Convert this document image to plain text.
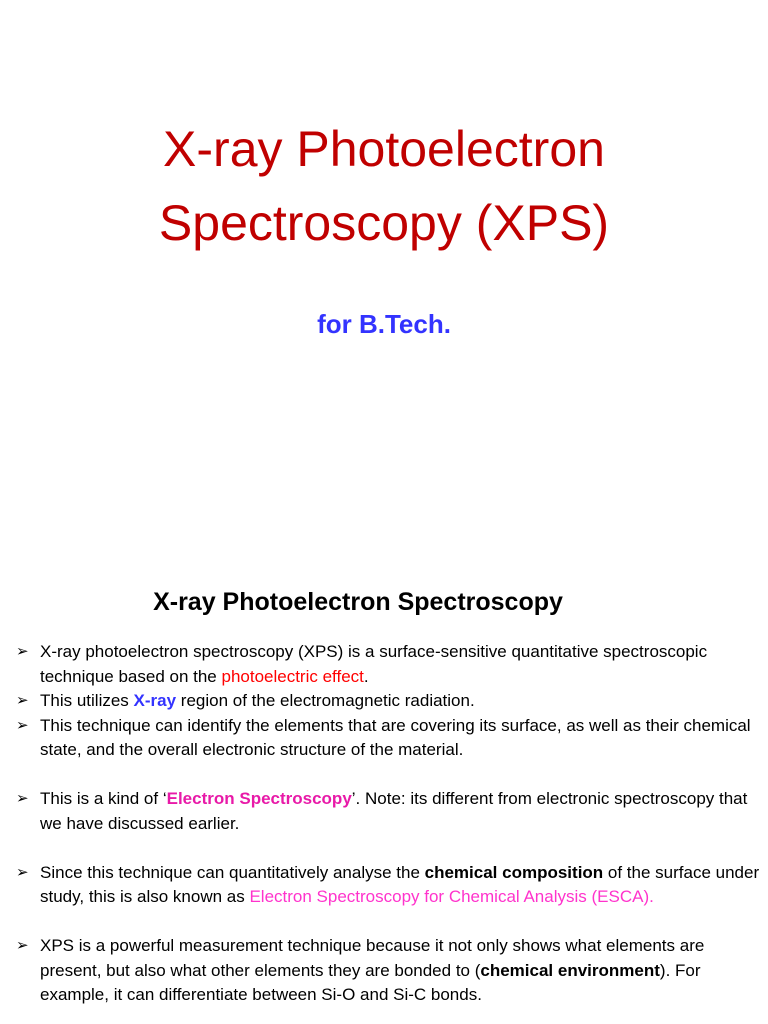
X-ray Photoelectron
Spectroscopy (XPS)
for B.Tech.
X-ray Photoelectron Spectroscopy
➢ X-ray photoelectron spectroscopy (XPS) is a surface-sensitive quantitative spectroscopic technique based on the photoelectric effect.
➢ This utilizes X-ray region of the electromagnetic radiation.
➢ This technique can identify the elements that are covering its surface, as well as their chemical state, and the overall electronic structure of the material.
➢ This is a kind of ‘Electron Spectroscopy’. Note: its different from electronic spectroscopy that we have discussed earlier.
➢ Since this technique can quantitatively analyse the chemical composition of the surface under study, this is also known as Electron Spectroscopy for Chemical Analysis (ESCA).
➢ XPS is a powerful measurement technique because it not only shows what elements are present, but also what other elements they are bonded to (chemical environment). For example, it can differentiate between Si-O and Si-C bonds.
